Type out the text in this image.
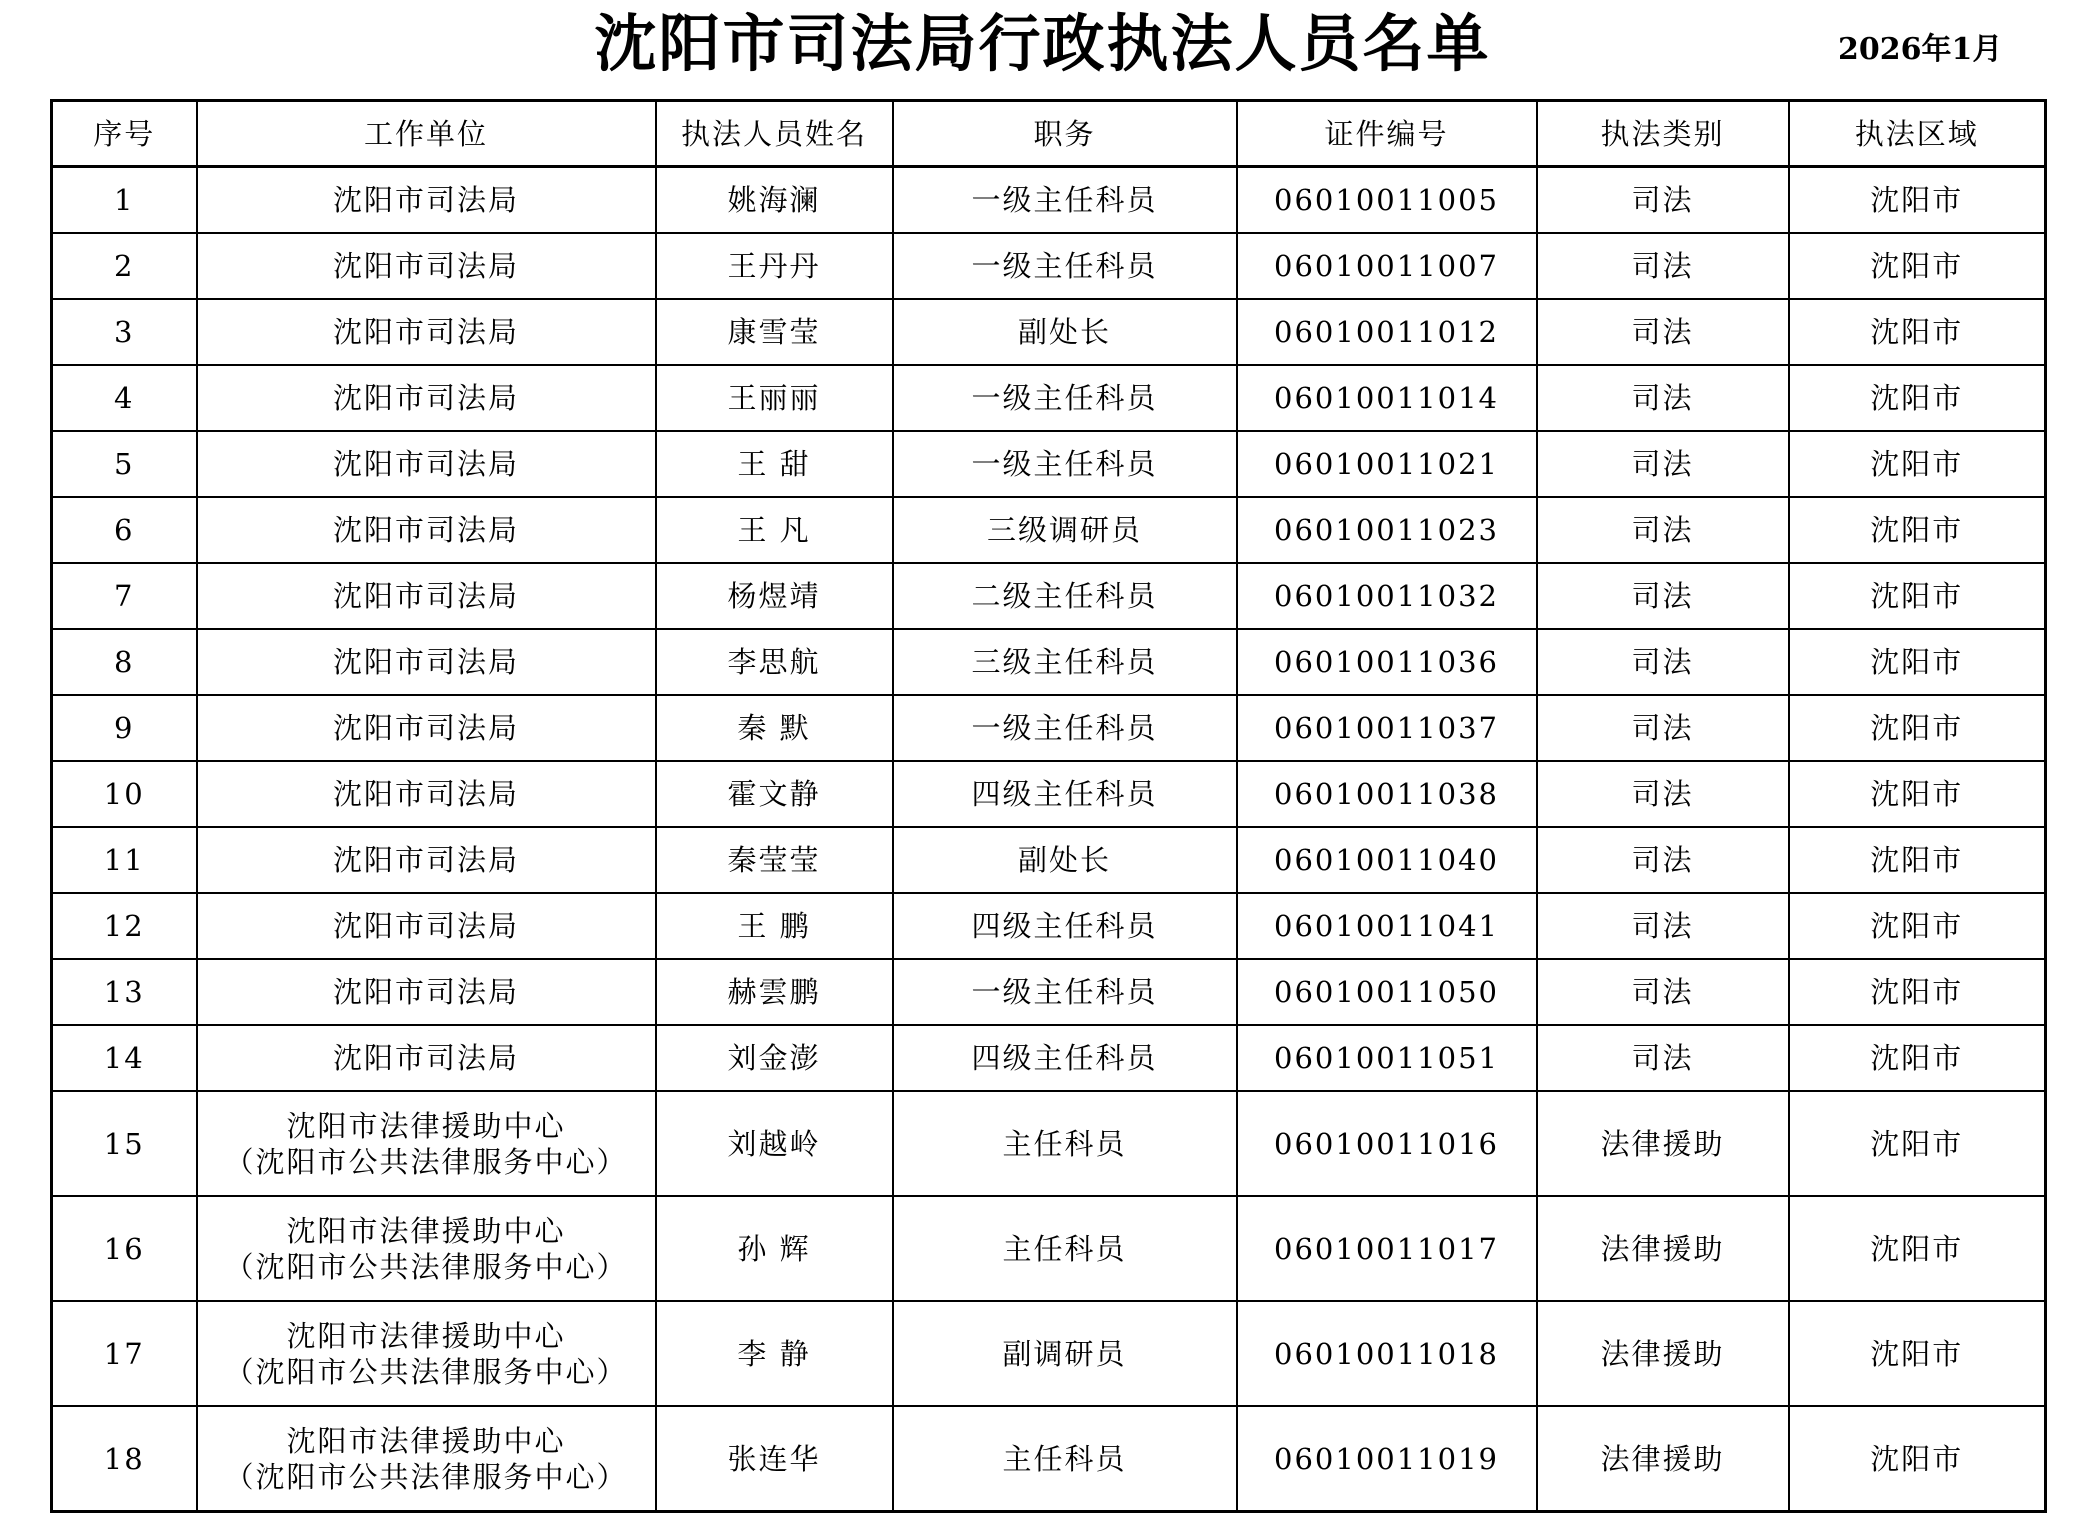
沈阳市司法局行政执法人员名单	2026年1月
序号	工作单位	执法人员姓名	职务	证件编号	执法类别	执法区域
1	沈阳市司法局	姚海澜	一级主任科员	06010011005	司法	沈阳市
2	沈阳市司法局	王丹丹	一级主任科员	06010011007	司法	沈阳市
3	沈阳市司法局	康雪莹	副处长	06010011012	司法	沈阳市
4	沈阳市司法局	王丽丽	一级主任科员	06010011014	司法	沈阳市
5	沈阳市司法局	王 甜	一级主任科员	06010011021	司法	沈阳市
6	沈阳市司法局	王 凡	三级调研员	06010011023	司法	沈阳市
7	沈阳市司法局	杨煜靖	二级主任科员	06010011032	司法	沈阳市
8	沈阳市司法局	李思航	三级主任科员	06010011036	司法	沈阳市
9	沈阳市司法局	秦 默	一级主任科员	06010011037	司法	沈阳市
10	沈阳市司法局	霍文静	四级主任科员	06010011038	司法	沈阳市
11	沈阳市司法局	秦莹莹	副处长	06010011040	司法	沈阳市
12	沈阳市司法局	王 鹏	四级主任科员	06010011041	司法	沈阳市
13	沈阳市司法局	赫雲鹏	一级主任科员	06010011050	司法	沈阳市
14	沈阳市司法局	刘金澎	四级主任科员	06010011051	司法	沈阳市
15	沈阳市法律援助中心
（沈阳市公共法律服务中心）	刘越岭	主任科员	06010011016	法律援助	沈阳市
16	沈阳市法律援助中心
（沈阳市公共法律服务中心）	孙 辉	主任科员	06010011017	法律援助	沈阳市
17	沈阳市法律援助中心
（沈阳市公共法律服务中心）	李 静	副调研员	06010011018	法律援助	沈阳市
18	沈阳市法律援助中心
（沈阳市公共法律服务中心）	张连华	主任科员	06010011019	法律援助	沈阳市
